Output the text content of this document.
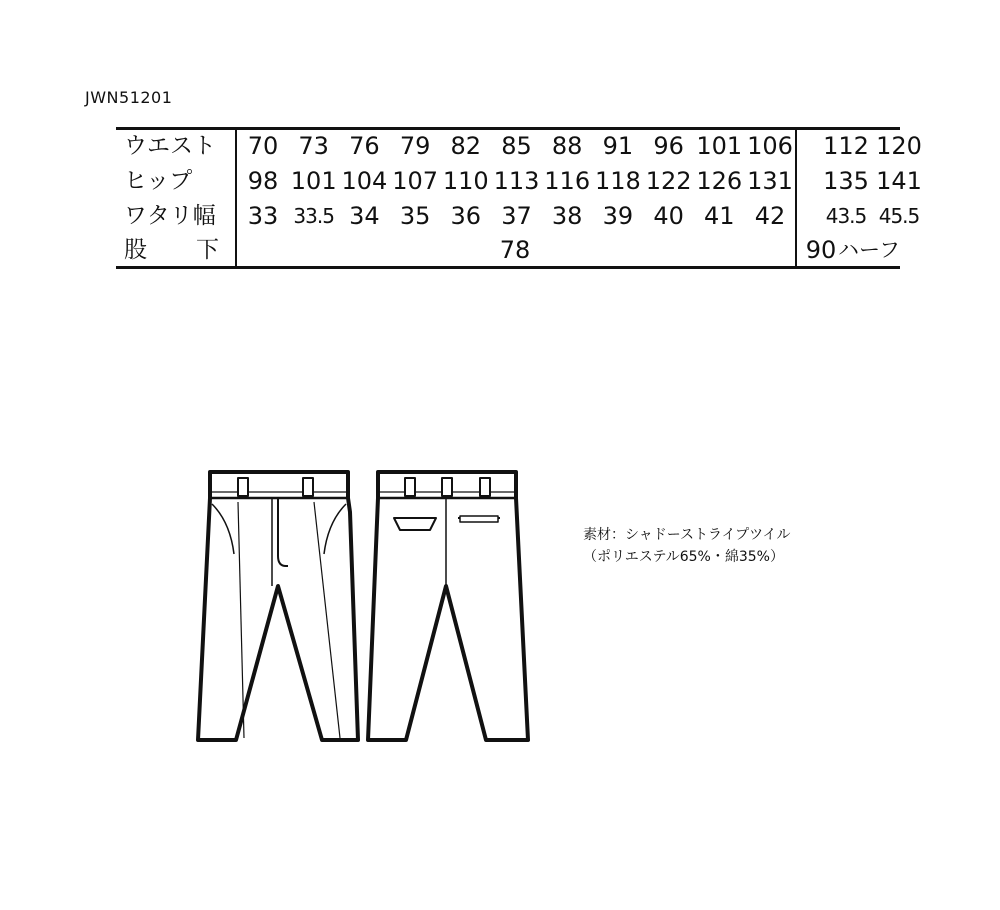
JWN51201
ウエスト	70 73 76 79 82 85 88 91 96 101 106 112 120
ヒップ	98 101 104 107 110 113 116 118 122 126 131 135 141
ワタリ幅	33 33.5 34 35 36 37 38 39 40 41 42	43.5 45.5
股 下	78	90 ハーフ
素材：シャドーストライプツイル
（ポリエステル65%・綿35%）
